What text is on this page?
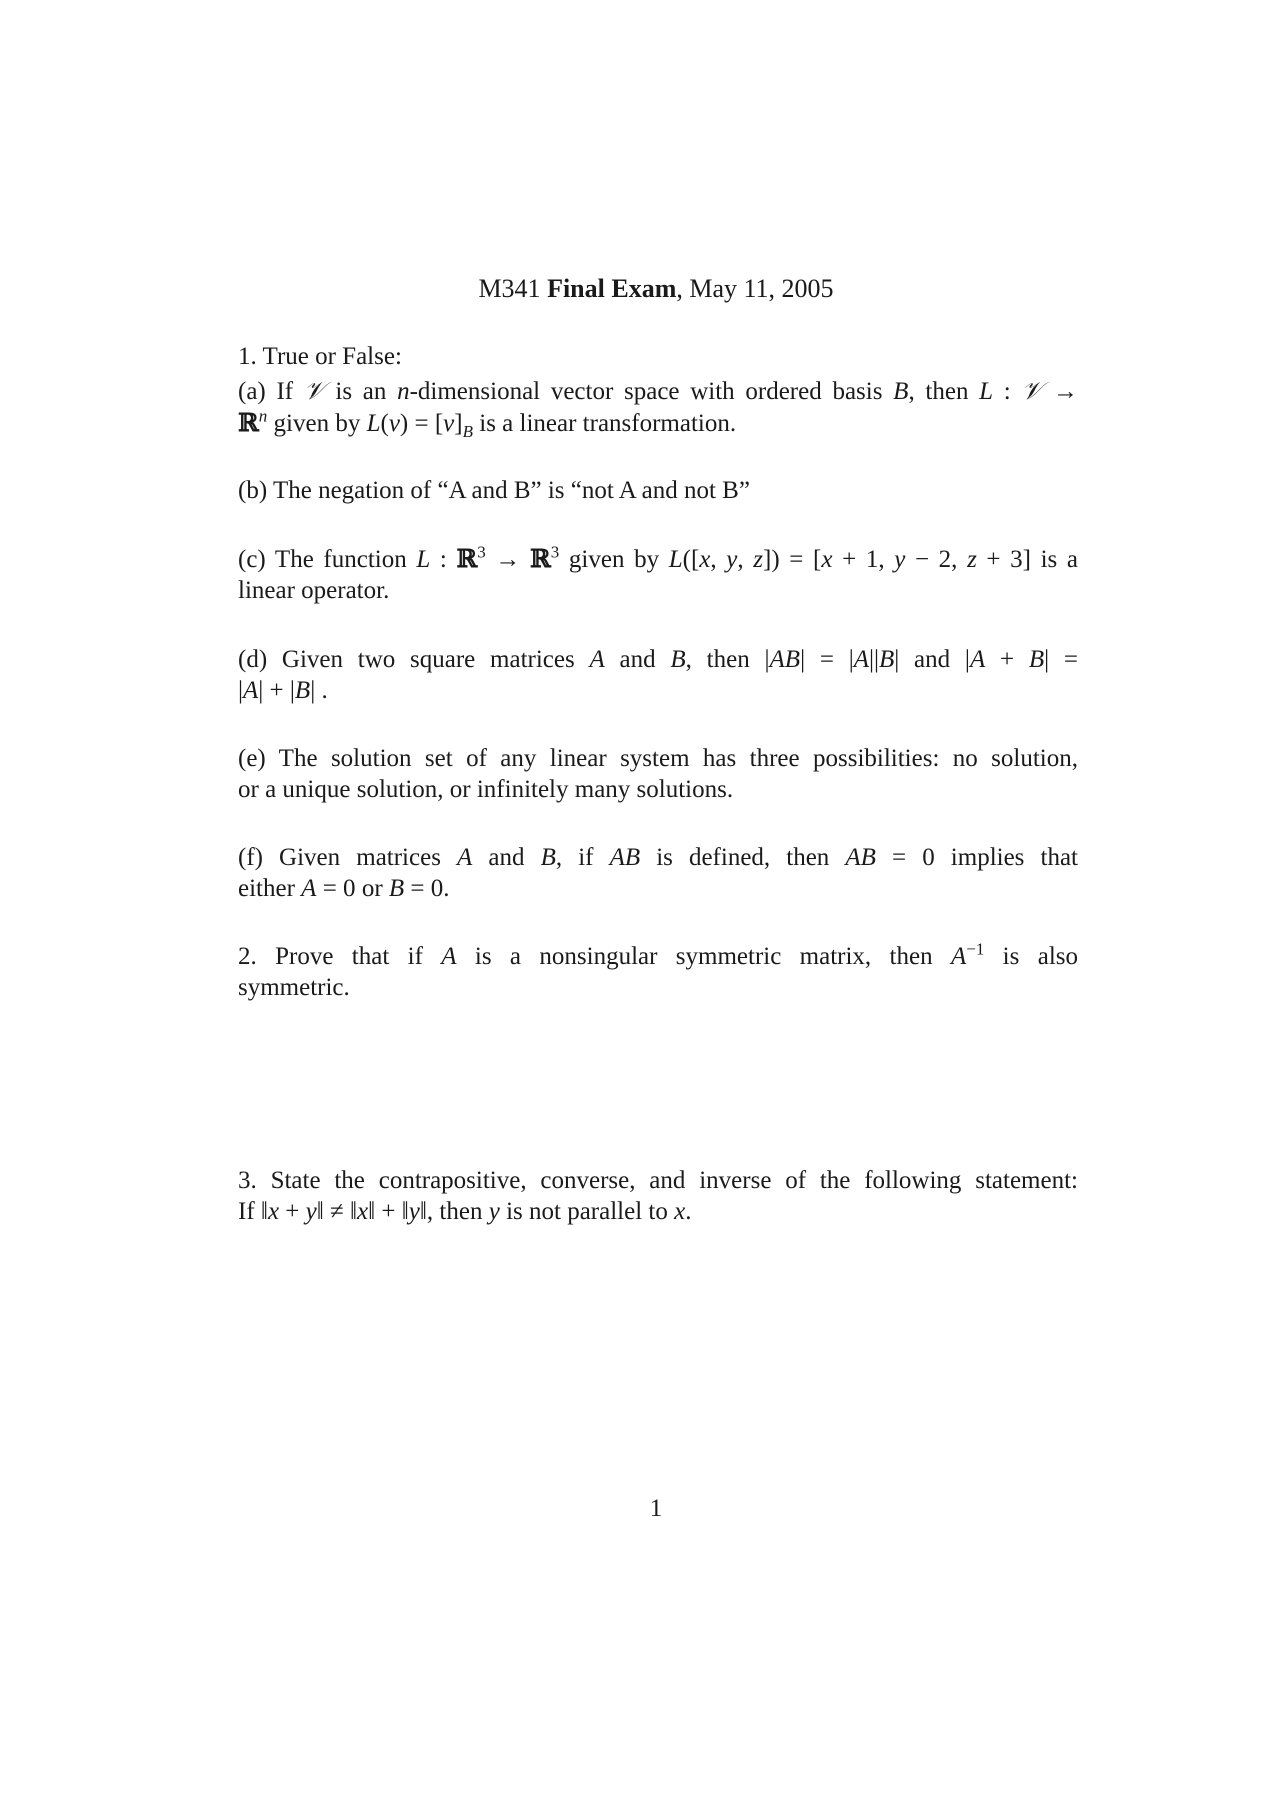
M341 Final Exam, May 11, 2005
1. True or False:
(a) If 𝒱 is an n-dimensional vector space with ordered basis B, then L : 𝒱 →
ℝ$^n$ given by $L(v) = [v]_B$ is a linear transformation.
(b) The negation of “A and B” is “not A and not B”
(c) The function L : ℝ$^3$ → ℝ$^3$ given by L([x, y, z]) = [x + 1, y − 2, z + 3] is a
linear operator.
(d) Given two square matrices A and B, then |AB| = |A||B| and |A + B| =
|A| + |B| .
(e) The solution set of any linear system has three possibilities: no solution,
or a unique solution, or infinitely many solutions.
(f) Given matrices A and B, if AB is defined, then AB = 0 implies that
either A = 0 or B = 0.
2. Prove that if A is a nonsingular symmetric matrix, then $A^{-1}$ is also
symmetric.
3. State the contrapositive, converse, and inverse of the following statement:
If ‖x + y‖ ≠ ‖x‖ + ‖y‖, then y is not parallel to x.
1
